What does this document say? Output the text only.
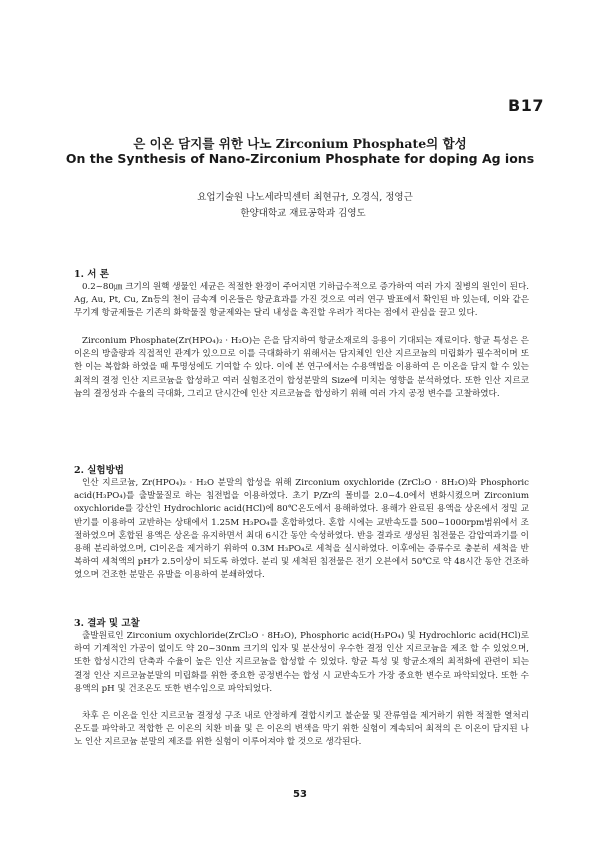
B17
은 이온 담지를 위한 나노 Zirconium Phosphate의 합성
On the Synthesis of Nano-Zirconium Phosphate for doping Ag ions
요업기술원 나노세라믹센터 최현규†, 오경식, 정영근
한양대학교 재료공학과 김영도
1. 서 론

0.2~80㎛ 크기의 원핵 생물인 세균은 적절한 환경이 주어지면 기하급수적으로 증가하여 여러 가지 질병의 원인이 된다. Ag, Au, Pt, Cu, Zn등의 천이 금속계 이온들은 항균효과를 가진 것으로 여러 연구 발표에서 확인된 바 있는데, 이와 같은 무기계 항균제들은 기존의 화학물질 항균제와는 달리 내성을 촉진할 우려가 적다는 점에서 관심을 끌고 있다.

Zirconium Phosphate(Zr(HPO₄)₂ · H₂O)는 은을 담지하여 항균소재로의 응용이 기대되는 재료이다. 항균 특성은 은 이온의 방출량과 직접적인 관계가 있으므로 이를 극대화하기 위해서는 담지체인 인산 지르코늄의 미립화가 필수적이며 또한 이는 복합화 하였을 때 투명성에도 기여할 수 있다. 이에 본 연구에서는 수용액법을 이용하여 은 이온을 담지 할 수 있는 최적의 결정 인산 지르코늄을 합성하고 여러 실험조건이 합성분말의 Size에 미치는 영향을 분석하였다. 또한 인산 지르코늄의 결정성과 수율의 극대화, 그리고 단시간에 인산 지르코늄을 합성하기 위해 여러 가지 공정 변수를 고찰하였다.

2. 실험방법

인산 지르코늄, Zr(HPO₄)₂ · H₂O 분말의 합성을 위해 Zirconium oxychloride (ZrCl₂O · 8H₂O)와 Phosphoric acid(H₃PO₄)를 출발물질로 하는 침전법을 이용하였다. 초기 P/Zr의 몰비를 2.0~4.0에서 변화시켰으며 Zirconium oxychloride를 강산인 Hydrochloric acid(HCl)에 80℃온도에서 용해하였다. 용해가 완료된 용액을 상온에서 정밀 교반기를 이용하여 교반하는 상태에서 1.25M H₃PO₄를 혼합하였다. 혼합 시에는 교반속도를 500~1000rpm범위에서 조절하였으며 혼합된 용액은 상온을 유지하면서 최대 6시간 동안 숙성하였다. 반응 결과로 생성된 침전물은 감압여과기를 이용해 분리하였으며, Cl이온을 제거하기 위하여 0.3M H₃PO₄로 세척을 실시하였다. 이후에는 증류수로 충분히 세척을 반복하여 세척액의 pH가 2.5이상이 되도록 하였다. 분리 및 세척된 침전물은 전기 오븐에서 50℃로 약 48시간 동안 건조하였으며 건조한 분말은 유발을 이용하여 분쇄하였다.

3. 결과 및 고찰

출발원료인 Zirconium oxychloride(ZrCl₂O · 8H₂O), Phosphoric acid(H₃PO₄) 및 Hydrochloric acid(HCl)로 하여 기계적인 가공이 없이도 약 20~30nm 크기의 입자 및 분산성이 우수한 결정 인산 지르코늄을 제조 할 수 있었으며, 또한 합성시간의 단축과 수율이 높은 인산 지르코늄을 합성할 수 있었다. 항균 특성 및 항균소재의 최적화에 관련이 되는 결정 인산 지르코늄분말의 미립화를 위한 중요한 공정변수는 합성 시 교반속도가 가장 중요한 변수로 파악되었다. 또한 수용액의 pH 및 건조온도 또한 변수임으로 파악되었다.

차후 은 이온을 인산 지르코늄 결정성 구조 내로 안정하게 결합시키고 불순물 및 잔류염을 제거하기 위한 적절한 열처리온도를 파악하고 적합한 은 이온의 치환 비율 및 은 이온의 변색을 막기 위한 실험이 계속되어 최적의 은 이온이 담지된 나노 인산 지르코늄 분말의 제조를 위한 실험이 이루어져야 할 것으로 생각된다.

53
